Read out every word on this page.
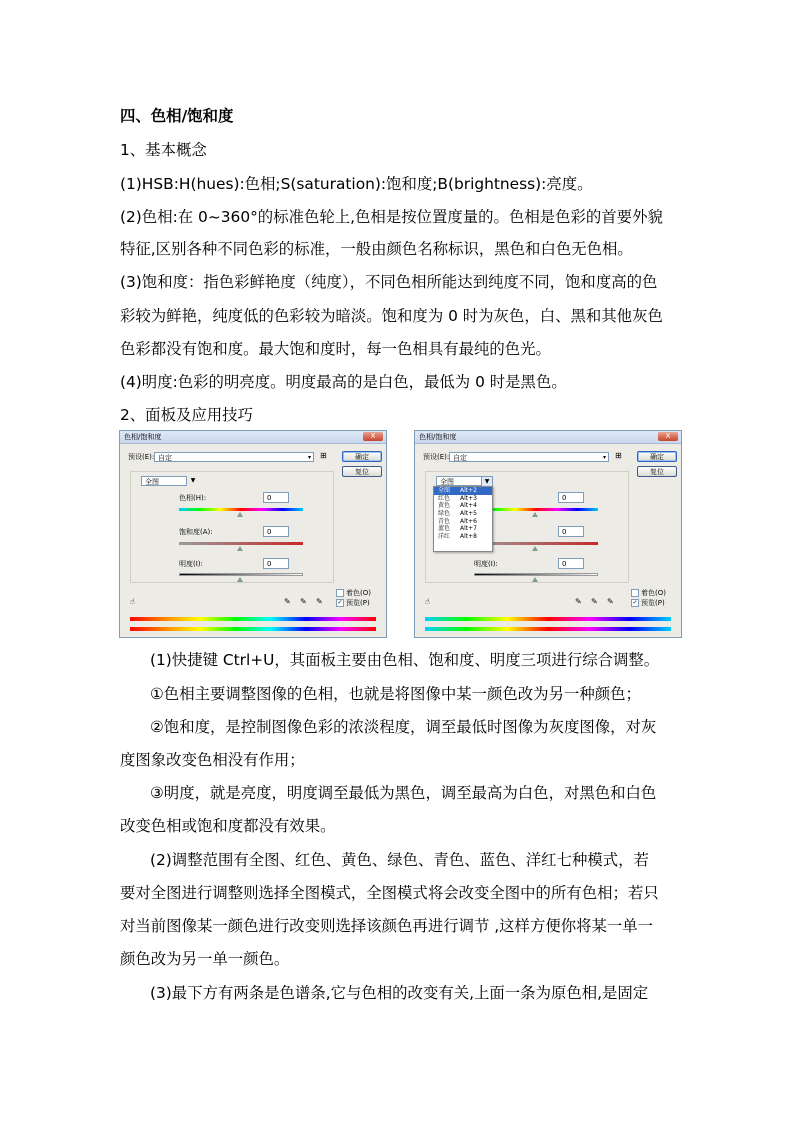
四、色相/饱和度
1、基本概念
(1)HSB:H(hues):色相;S(saturation):饱和度;B(brightness):亮度。
(2)色相:在 0~360°的标准色轮上,色相是按位置度量的。色相是色彩的首要外貌
特征,区别各种不同色彩的标准，一般由颜色名称标识，黑色和白色无色相。
(3)饱和度：指色彩鲜艳度（纯度），不同色相所能达到纯度不同，饱和度高的色
彩较为鲜艳，纯度低的色彩较为暗淡。饱和度为 0 时为灰色，白、黑和其他灰色
色彩都没有饱和度。最大饱和度时，每一色相具有最纯的色光。
(4)明度:色彩的明亮度。明度最高的是白色，最低为 0 时是黑色。
2、面板及应用技巧
色相/饱和度	X
预设(E): 自定	▾ ⊞	确定
复位
全图	▼
色相(H):	0
饱和度(A):	0
明度(I):	0
着色(O)
✓ 预览(P)
☝	✎ ✎ ✎
色相/饱和度	X
预设(E): 自定	▾ ⊞	确定
复位
全图	▼
0
0
明度(I):	0
全图 Alt+2
红色 Alt+3
黄色 Alt+4
绿色 Alt+5
青色 Alt+6
蓝色 Alt+7
洋红 Alt+8
着色(O)
✓ 预览(P)
☝	✎ ✎ ✎
(1)快捷键 Ctrl+U，其面板主要由色相、饱和度、明度三项进行综合调整。
①色相主要调整图像的色相，也就是将图像中某一颜色改为另一种颜色；
②饱和度，是控制图像色彩的浓淡程度，调至最低时图像为灰度图像，对灰
度图象改变色相没有作用；
③明度，就是亮度，明度调至最低为黑色，调至最高为白色，对黑色和白色
改变色相或饱和度都没有效果。
(2)调整范围有全图、红色、黄色、绿色、青色、蓝色、洋红七种模式，若
要对全图进行调整则选择全图模式，全图模式将会改变全图中的所有色相；若只
对当前图像某一颜色进行改变则选择该颜色再进行调节 ,这样方便你将某一单一
颜色改为另一单一颜色。
(3)最下方有两条是色谱条,它与色相的改变有关,上面一条为原色相,是固定
